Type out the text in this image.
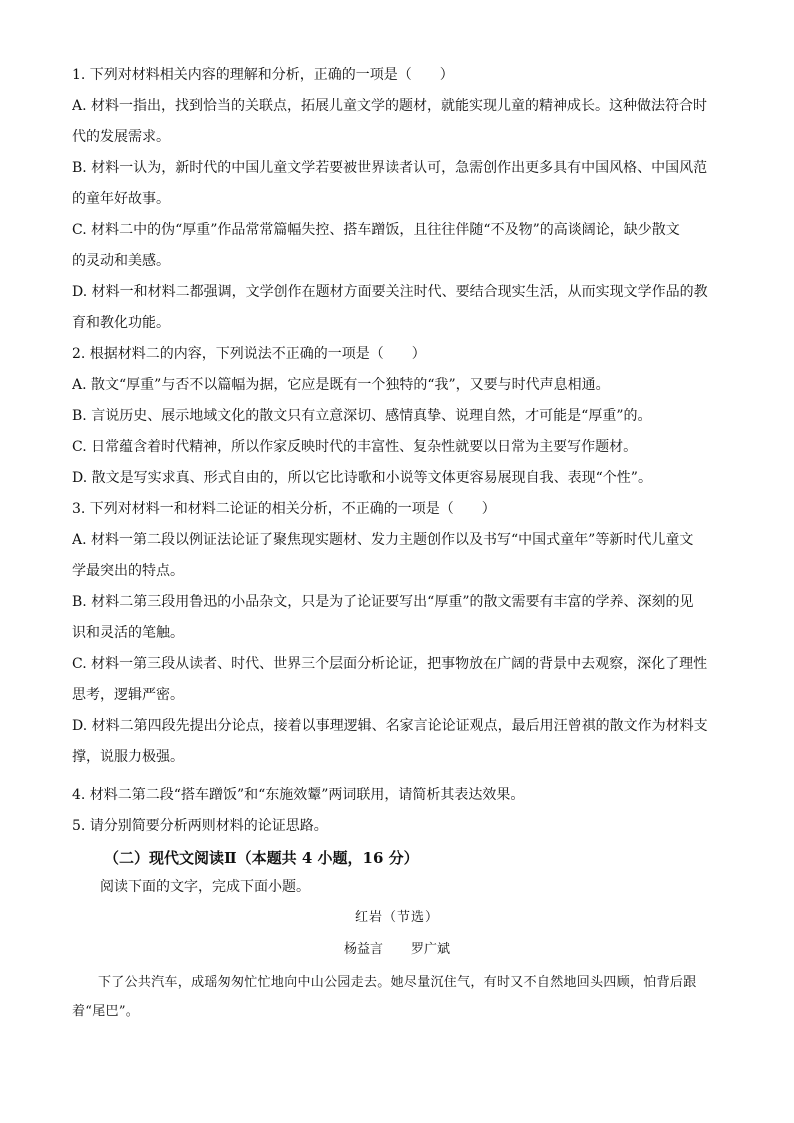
1. 下列对材料相关内容的理解和分析，正确的一项是（　　）
A. 材料一指出，找到恰当的关联点，拓展儿童文学的题材，就能实现儿童的精神成长。这种做法符合时
代的发展需求。
B. 材料一认为，新时代的中国儿童文学若要被世界读者认可，急需创作出更多具有中国风格、中国风范
的童年好故事。
C. 材料二中的伪“厚重”作品常常篇幅失控、搭车蹭饭，且往往伴随“不及物”的高谈阔论，缺少散文
的灵动和美感。
D. 材料一和材料二都强调，文学创作在题材方面要关注时代、要结合现实生活，从而实现文学作品的教
育和教化功能。
2. 根据材料二的内容，下列说法不正确的一项是（　　）
A. 散文“厚重”与否不以篇幅为据，它应是既有一个独特的“我”，又要与时代声息相通。
B. 言说历史、展示地域文化的散文只有立意深切、感情真挚、说理自然，才可能是“厚重”的。
C. 日常蕴含着时代精神，所以作家反映时代的丰富性、复杂性就要以日常为主要写作题材。
D. 散文是写实求真、形式自由的，所以它比诗歌和小说等文体更容易展现自我、表现“个性”。
3. 下列对材料一和材料二论证的相关分析，不正确的一项是（　　）
A. 材料一第二段以例证法论证了聚焦现实题材、发力主题创作以及书写“中国式童年”等新时代儿童文
学最突出的特点。
B. 材料二第三段用鲁迅的小品杂文，只是为了论证要写出“厚重”的散文需要有丰富的学养、深刻的见
识和灵活的笔触。
C. 材料一第三段从读者、时代、世界三个层面分析论证，把事物放在广阔的背景中去观察，深化了理性
思考，逻辑严密。
D. 材料二第四段先提出分论点，接着以事理逻辑、名家言论论证观点，最后用汪曾祺的散文作为材料支
撑，说服力极强。
4. 材料二第二段“搭车蹭饭”和“东施效颦”两词联用，请简析其表达效果。
5. 请分别简要分析两则材料的论证思路。
（二）现代文阅读Ⅱ（本题共 4 小题，16 分）
阅读下面的文字，完成下面小题。
红岩（节选）
杨益言 罗广斌
下了公共汽车，成瑶匆匆忙忙地向中山公园走去。她尽量沉住气，有时又不自然地回头四顾，怕背后跟着“尾巴”。
